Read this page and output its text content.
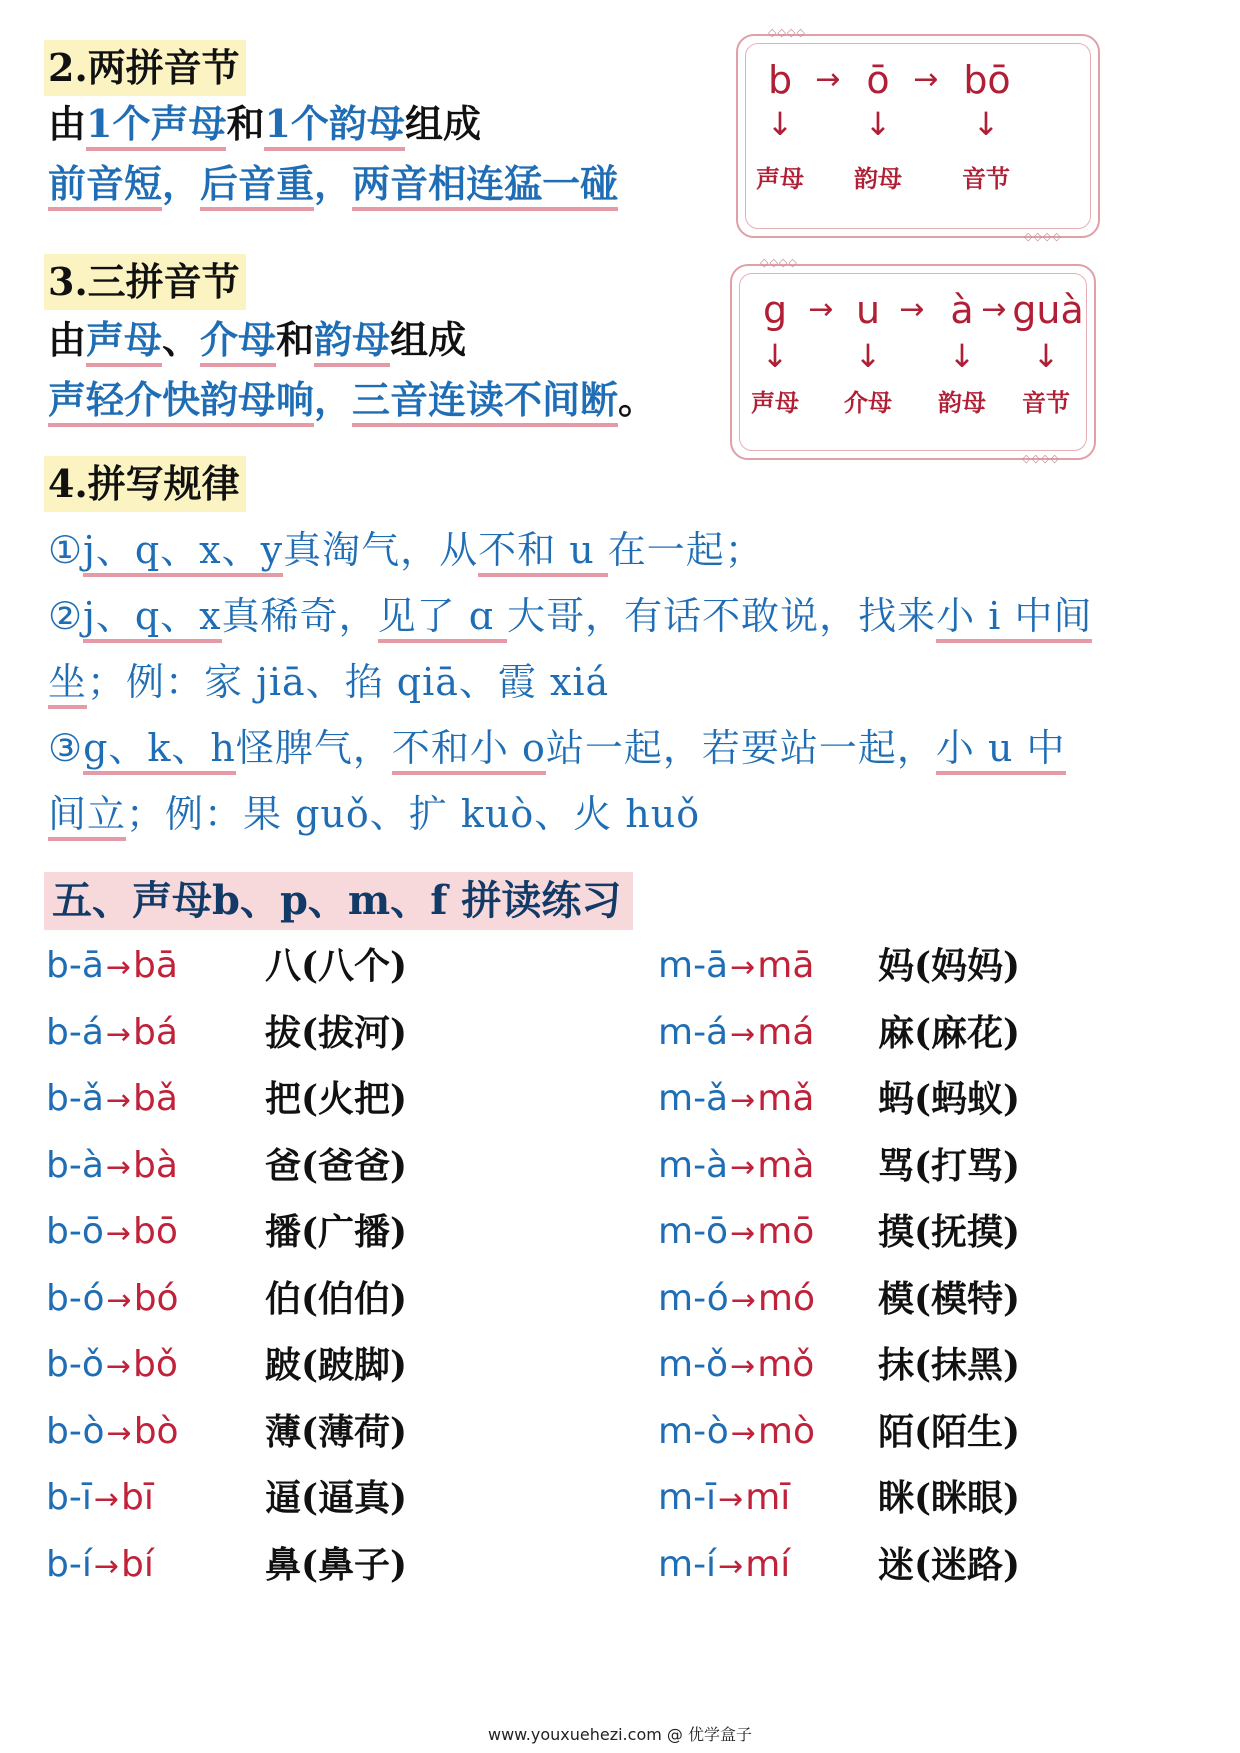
2.两拼音节
由1个声母和1个韵母组成
前音短，后音重，两音相连猛一碰
◇◇◇◇
◇◇◇◇
b → ō → bō
↓ ↓	↓
声母	韵母	音节
3.三拼音节
由声母、介母和韵母组成
声轻介快韵母响，三音连读不间断。
◇◇◇◇
◇◇◇◇
g → u → à → guà
↓ ↓ ↓ ↓
声母	介母	韵母	音节
4.拼写规律
①j、q、x、y真淘气，从不和 u 在一起；
②j、q、x真稀奇，见了 ɑ 大哥，有话不敢说，找来小 i 中间
坐；例：家 jiā、掐 qiā、霞 xiá
③g、k、h怪脾气，不和小 o站一起，若要站一起，小 u 中
间立；例：果 guǒ、扩 kuò、火 huǒ
五、声母b、p、m、f 拼读练习
b-ā→bā 八(八个)
b-á→bá 拔(拔河)
b-ǎ→bǎ 把(火把)
b-à→bà 爸(爸爸)
b-ō→bō 播(广播)
b-ó→bó 伯(伯伯)
b-ǒ→bǒ 跛(跛脚)
b-ò→bò 薄(薄荷)
b-ī→bī	逼(逼真)
b-í→bí	鼻(鼻子)
m-ā→mā 妈(妈妈)
m-á→má 麻(麻花)
m-ǎ→mǎ 蚂(蚂蚁)
m-à→mà 骂(打骂)
m-ō→mō 摸(抚摸)
m-ó→mó 模(模特)
m-ǒ→mǒ 抹(抹黑)
m-ò→mò 陌(陌生)
m-ī→mī 眯(眯眼)
m-í→mí 迷(迷路)
www.youxuehezi.com @ 优学盒子
